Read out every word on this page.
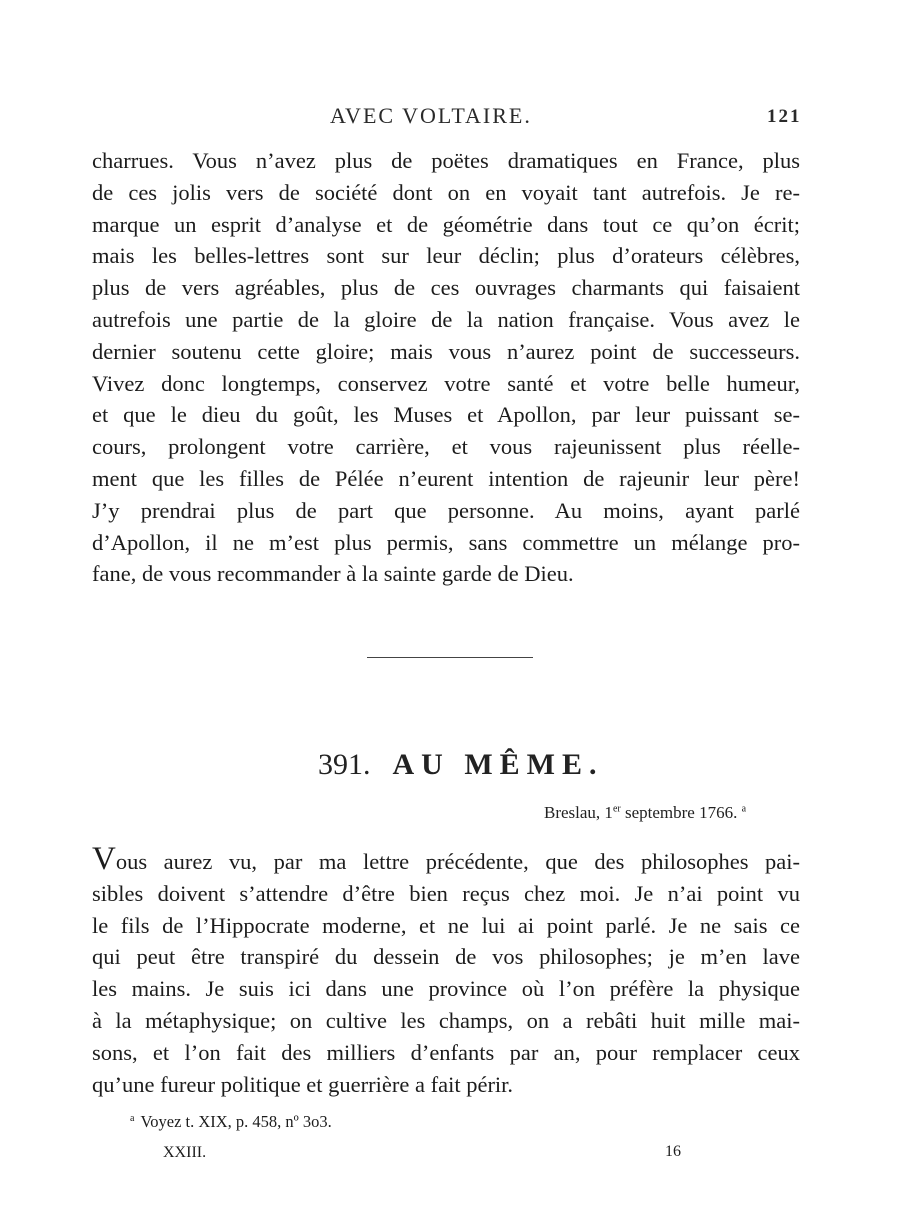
AVEC VOLTAIRE.	121
charrues. Vous n’avez plus de poëtes dramatiques en France, plus
de ces jolis vers de société dont on en voyait tant autrefois. Je re-
marque un esprit d’analyse et de géométrie dans tout ce qu’on écrit;
mais les belles-lettres sont sur leur déclin; plus d’orateurs célèbres,
plus de vers agréables, plus de ces ouvrages charmants qui faisaient
autrefois une partie de la gloire de la nation française. Vous avez le
dernier soutenu cette gloire; mais vous n’aurez point de successeurs.
Vivez donc longtemps, conservez votre santé et votre belle humeur,
et que le dieu du goût, les Muses et Apollon, par leur puissant se-
cours, prolongent votre carrière, et vous rajeunissent plus réelle-
ment que les filles de Pélée n’eurent intention de rajeunir leur père!
J’y prendrai plus de part que personne. Au moins, ayant parlé
d’Apollon, il ne m’est plus permis, sans commettre un mélange pro-
fane, de vous recommander à la sainte garde de Dieu.
391. AU MÊME.
Breslau, 1er septembre 1766. $^a$
Vous aurez vu, par ma lettre précédente, que des philosophes pai-
sibles doivent s’attendre d’être bien reçus chez moi. Je n’ai point vu
le fils de l’Hippocrate moderne, et ne lui ai point parlé. Je ne sais ce
qui peut être transpiré du dessein de vos philosophes; je m’en lave
les mains. Je suis ici dans une province où l’on préfère la physique
à la métaphysique; on cultive les champs, on a rebâti huit mille mai-
sons, et l’on fait des milliers d’enfants par an, pour remplacer ceux
qu’une fureur politique et guerrière a fait périr.
$^a$ Voyez t. XIX, p. 458, nº 3o3.
XXIII.	16
